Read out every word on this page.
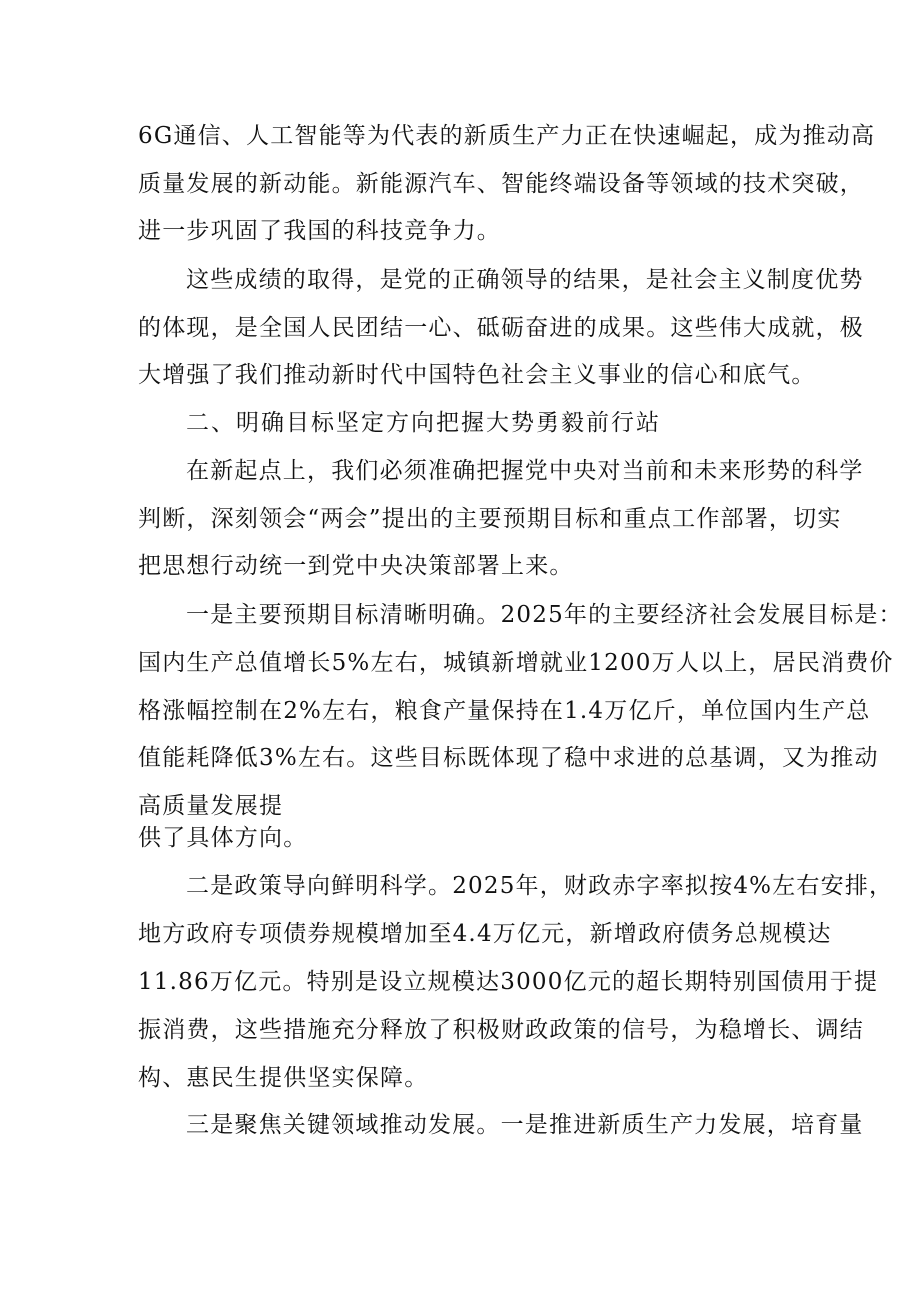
6G通信、人工智能等为代表的新质生产力正在快速崛起，成为推动高
质量发展的新动能。新能源汽车、智能终端设备等领域的技术突破，
进一步巩固了我国的科技竞争力。
这些成绩的取得，是党的正确领导的结果，是社会主义制度优势
的体现，是全国人民团结一心、砥砺奋进的成果。这些伟大成就，极
大增强了我们推动新时代中国特色社会主义事业的信心和底气。
二、明确目标坚定方向把握大势勇毅前行站
在新起点上，我们必须准确把握党中央对当前和未来形势的科学
判断，深刻领会“两会”提出的主要预期目标和重点工作部署，切实
把思想行动统一到党中央决策部署上来。
一是主要预期目标清晰明确。2025年的主要经济社会发展目标是：
国内生产总值增长5%左右，城镇新增就业1200万人以上，居民消费价
格涨幅控制在2%左右，粮食产量保持在1.4万亿斤，单位国内生产总
值能耗降低3%左右。这些目标既体现了稳中求进的总基调，又为推动
高质量发展提
供了具体方向。
二是政策导向鲜明科学。2025年，财政赤字率拟按4%左右安排，
地方政府专项债券规模增加至4.4万亿元，新增政府债务总规模达
11.86万亿元。特别是设立规模达3000亿元的超长期特别国债用于提
振消费，这些措施充分释放了积极财政政策的信号，为稳增长、调结
构、惠民生提供坚实保障。
三是聚焦关键领域推动发展。一是推进新质生产力发展，培育量
